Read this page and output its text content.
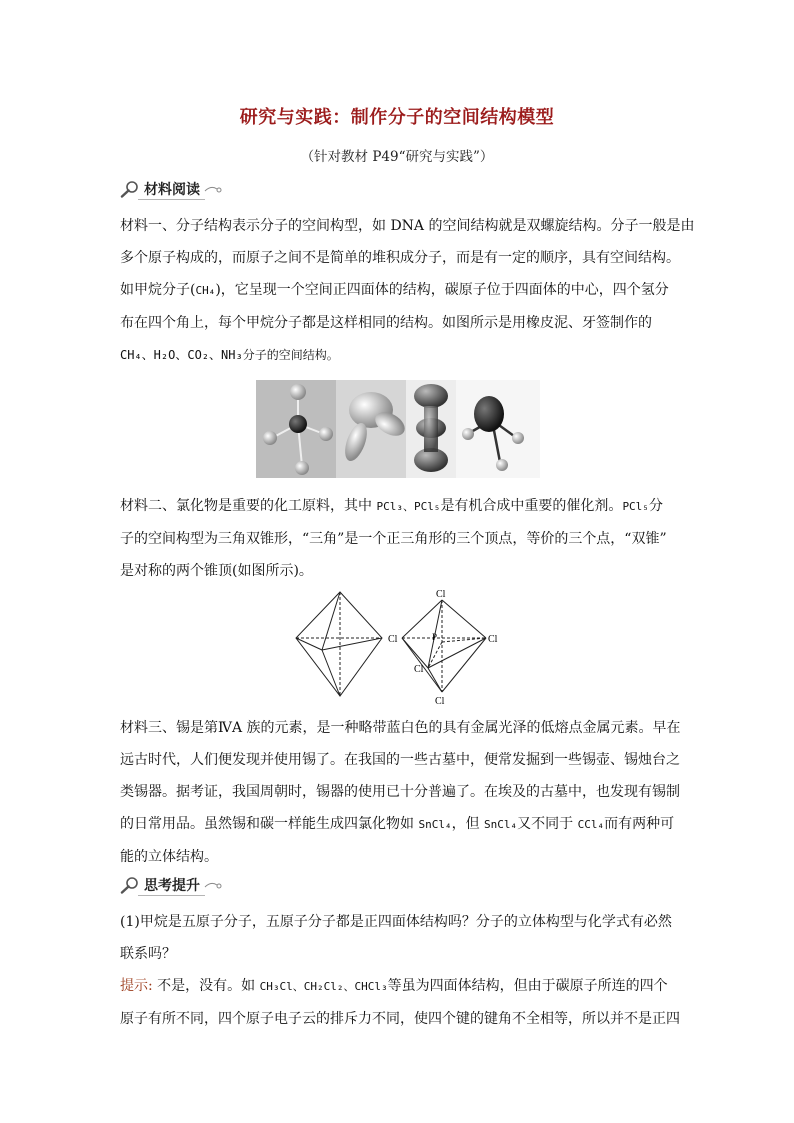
研究与实践：制作分子的空间结构模型
（针对教材 P49“研究与实践”）
材料阅读
材料一、分子结构表示分子的空间构型，如 DNA 的空间结构就是双螺旋结构。分子一般是由
多个原子构成的，而原子之间不是简单的堆积成分子，而是有一定的顺序，具有空间结构。
如甲烷分子(CH₄)，它呈现一个空间正四面体的结构，碳原子位于四面体的中心，四个氢分
布在四个角上，每个甲烷分子都是这样相同的结构。如图所示是用橡皮泥、牙签制作的
CH₄、H₂O、CO₂、NH₃分子的空间结构。
材料二、氯化物是重要的化工原料，其中 PCl₃、PCl₅是有机合成中重要的催化剂。PCl₅分
子的空间构型为三角双锥形，“三角”是一个正三角形的三个顶点，等价的三个点，“双锥”
是对称的两个锥顶(如图所示)。
Cl
Cl	Cl
Cl
Cl
P
材料三、锡是第ⅣA 族的元素，是一种略带蓝白色的具有金属光泽的低熔点金属元素。早在
远古时代，人们便发现并使用锡了。在我国的一些古墓中，便常发掘到一些锡壶、锡烛台之
类锡器。据考证，我国周朝时，锡器的使用已十分普遍了。在埃及的古墓中，也发现有锡制
的日常用品。虽然锡和碳一样能生成四氯化物如 SnCl₄，但 SnCl₄又不同于 CCl₄而有两种可
能的立体结构。
思考提升
(1)甲烷是五原子分子，五原子分子都是正四面体结构吗？分子的立体构型与化学式有必然
联系吗？
提示: 不是，没有。如 CH₃Cl、CH₂Cl₂、CHCl₃等虽为四面体结构，但由于碳原子所连的四个
原子有所不同，四个原子电子云的排斥力不同，使四个键的键角不全相等，所以并不是正四
